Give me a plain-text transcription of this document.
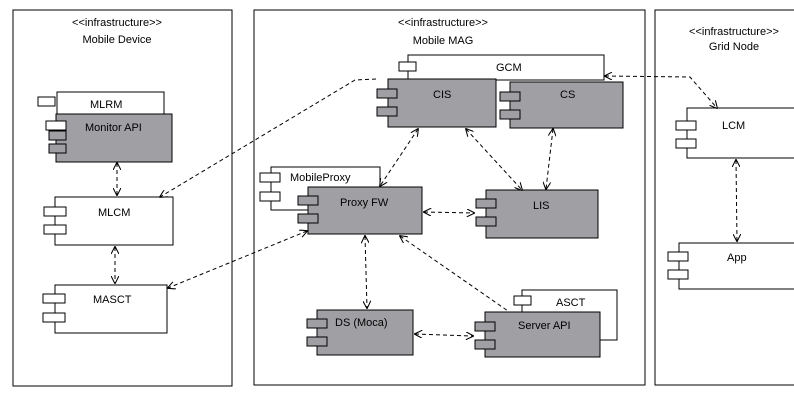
<<infrastructure>>
Mobile Device
<<infrastructure>>
Mobile MAG
<<infrastructure>>
Grid Node
MLRM
Monitor API
MLCM
MASCT
GCM
CIS	CS
MobileProxy
Proxy FW	LIS
DS (Moca)
ASCT
Server API
LCM
App
